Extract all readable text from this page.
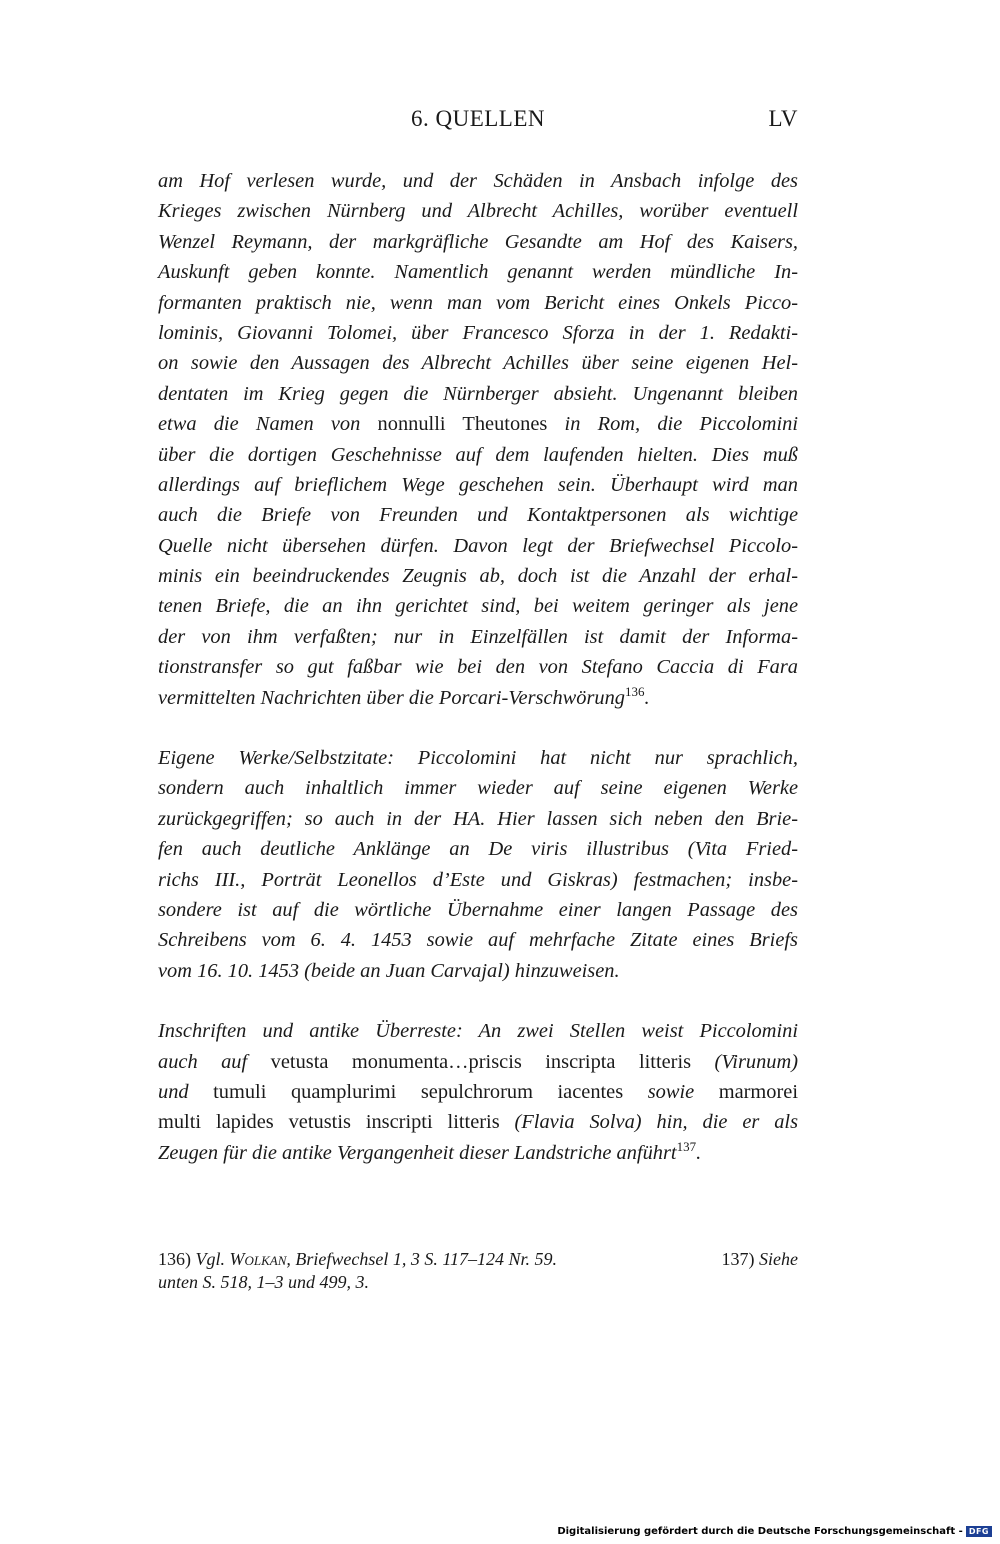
6. QUELLEN	LV
am Hof verlesen wurde, und der Schäden in Ansbach infolge des
Krieges zwischen Nürnberg und Albrecht Achilles, worüber eventuell
Wenzel Reymann, der markgräfliche Gesandte am Hof des Kaisers,
Auskunft geben konnte. Namentlich genannt werden mündliche In-
formanten praktisch nie, wenn man vom Bericht eines Onkels Picco-
lominis, Giovanni Tolomei, über Francesco Sforza in der 1. Redakti-
on sowie den Aussagen des Albrecht Achilles über seine eigenen Hel-
dentaten im Krieg gegen die Nürnberger absieht. Ungenannt bleiben
etwa die Namen von nonnulli Theutones in Rom, die Piccolomini
über die dortigen Geschehnisse auf dem laufenden hielten. Dies muß
allerdings auf brieflichem Wege geschehen sein. Überhaupt wird man
auch die Briefe von Freunden und Kontaktpersonen als wichtige
Quelle nicht übersehen dürfen. Davon legt der Briefwechsel Piccolo-
minis ein beeindruckendes Zeugnis ab, doch ist die Anzahl der erhal-
tenen Briefe, die an ihn gerichtet sind, bei weitem geringer als jene
der von ihm verfaßten; nur in Einzelfällen ist damit der Informa-
tionstransfer so gut faßbar wie bei den von Stefano Caccia di Fara
vermittelten Nachrichten über die Porcari-Verschwörung$^{136}$.
Eigene Werke/Selbstzitate: Piccolomini hat nicht nur sprachlich,
sondern auch inhaltlich immer wieder auf seine eigenen Werke
zurückgegriffen; so auch in der HA. Hier lassen sich neben den Brie-
fen auch deutliche Anklänge an De viris illustribus (Vita Fried-
richs III., Porträt Leonellos d’Este und Giskras) festmachen; insbe-
sondere ist auf die wörtliche Übernahme einer langen Passage des
Schreibens vom 6. 4. 1453 sowie auf mehrfache Zitate eines Briefs
vom 16. 10. 1453 (beide an Juan Carvajal) hinzuweisen.
Inschriften und antike Überreste: An zwei Stellen weist Piccolomini
auch auf vetusta monumenta…priscis inscripta litteris (Virunum)
und tumuli quamplurimi sepulchrorum iacentes sowie marmorei
multi lapides vetustis inscripti litteris (Flavia Solva) hin, die er als
Zeugen für die antike Vergangenheit dieser Landstriche anführt$^{137}$.
136) Vgl. Wolkan, Briefwechsel 1, 3 S. 117–124 Nr. 59.	137) Siehe
unten S. 518, 1–3 und 499, 3.
Digitalisierung gefördert durch die Deutsche Forschungsgemeinschaft - DFG
